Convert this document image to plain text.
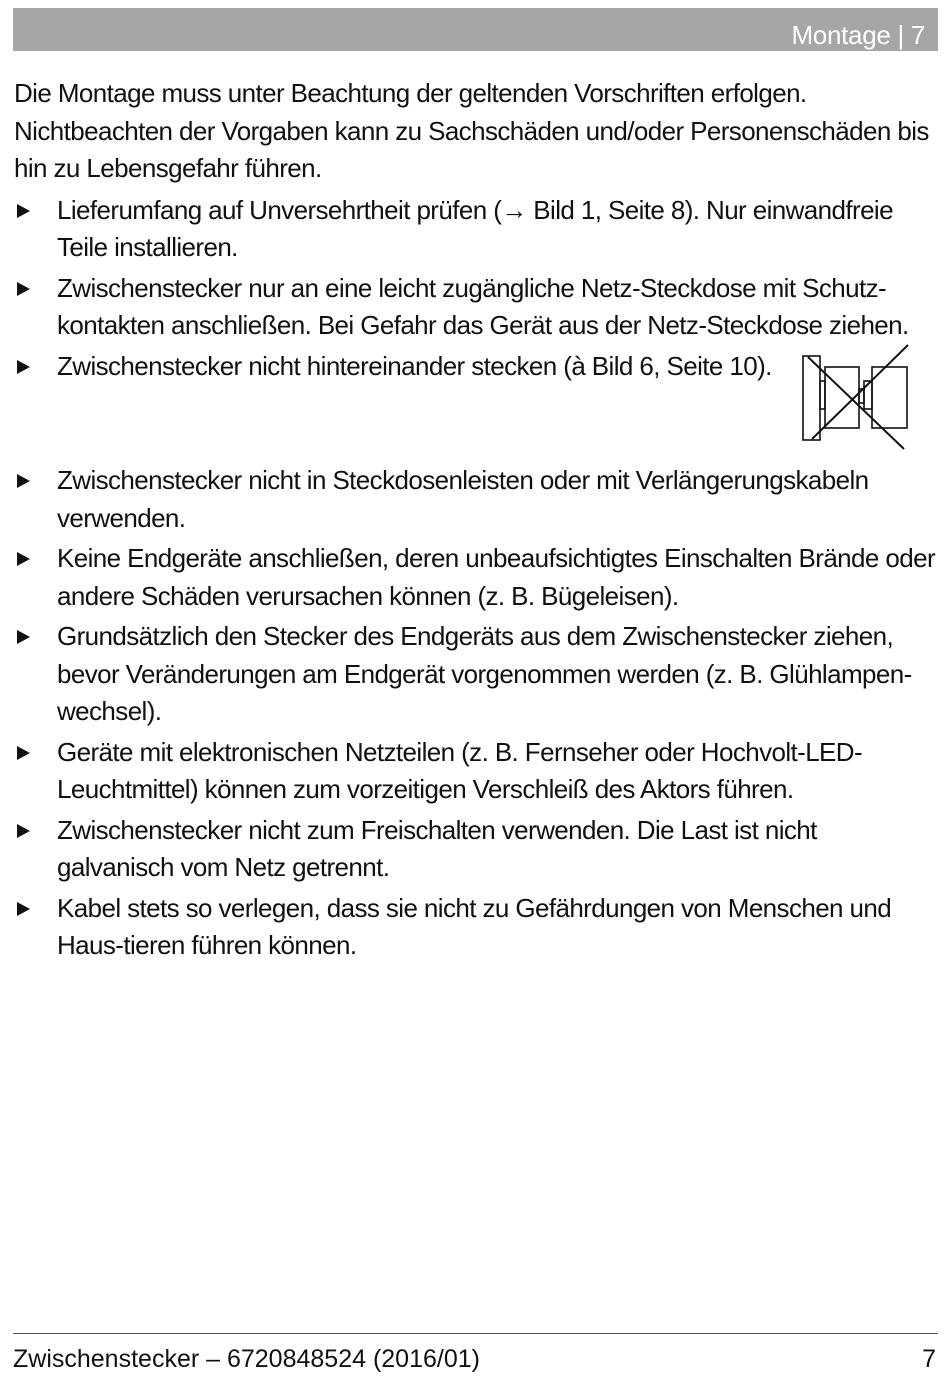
Montage | 7

Die Montage muss unter Beachtung der geltenden Vorschriften erfolgen. Nichtbeachten der Vorgaben kann zu Sachschäden und/oder Personenschäden bis hin zu Lebensgefahr führen.

Lieferumfang auf Unversehrtheit prüfen (→ Bild 1, Seite 8). Nur einwandfreie Teile installieren.
Zwischenstecker nur an eine leicht zugängliche Netz-Steckdose mit Schutz-kontakten anschließen. Bei Gefahr das Gerät aus der Netz-Steckdose ziehen.
Zwischenstecker nicht hintereinander stecken (à Bild 6, Seite 10).
Zwischenstecker nicht in Steckdosenleisten oder mit Verlängerungskabeln verwenden.
Keine Endgeräte anschließen, deren unbeaufsichtigtes Einschalten Brände oder andere Schäden verursachen können (z. B. Bügeleisen).
Grundsätzlich den Stecker des Endgeräts aus dem Zwischenstecker ziehen, bevor Veränderungen am Endgerät vorgenommen werden (z. B. Glühlampen-wechsel).
Geräte mit elektronischen Netzteilen (z. B. Fernseher oder Hochvolt-LED-Leuchtmittel) können zum vorzeitigen Verschleiß des Aktors führen.
Zwischenstecker nicht zum Freischalten verwenden. Die Last ist nicht galvanisch vom Netz getrennt.
Kabel stets so verlegen, dass sie nicht zu Gefährdungen von Menschen und Haus-tieren führen können.
Zwischenstecker – 6720848524 (2016/01)	7
